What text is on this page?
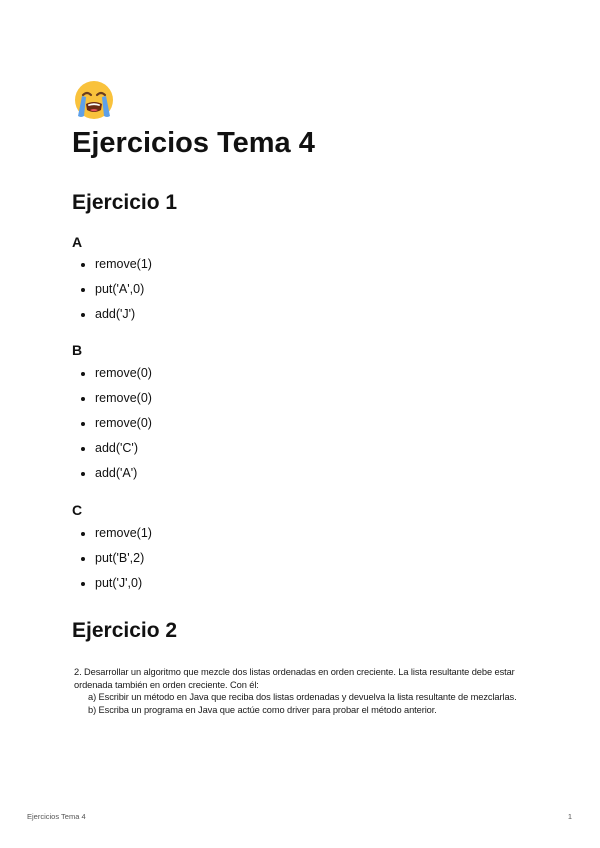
Ejercicios Tema 4
Ejercicio 1
A
remove(1)
put('A',0)
add('J')
B
remove(0)
remove(0)
remove(0)
add('C')
add('A')
C
remove(1)
put('B',2)
put('J',0)
Ejercicio 2

2. Desarrollar un algoritmo que mezcle dos listas ordenadas en orden creciente. La lista resultante debe estar

ordenada también en orden creciente. Con él:

a) Escribir un método en Java que reciba dos listas ordenadas y devuelva la lista resultante de mezclarlas.

b) Escriba un programa en Java que actúe como driver para probar el método anterior.

Ejercicios Tema 4	1
